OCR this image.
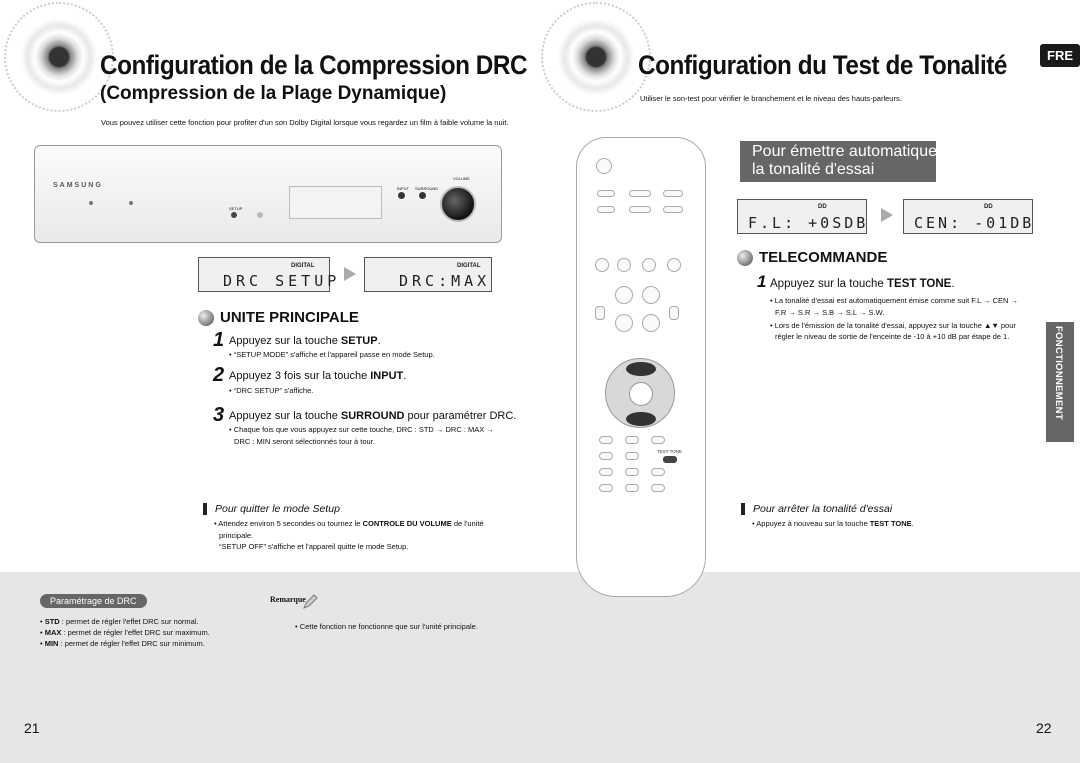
Configuration de la Compression DRC
(Compression de la Plage Dynamique)
Vous pouvez utiliser cette fonction pour profiter d'un son Dolby Digital lorsque vous regardez un film à faible volume la nuit.
SAMSUNG
SETUP
INPUT SURROUND
VOLUME
DIGITAL
DRC SETUP
DIGITAL
DRC:MAX
UNITE PRINCIPALE
1 Appuyez sur la touche SETUP.
• “SETUP MODE” s'affiche et l'appareil passe en mode Setup.
2 Appuyez 3 fois sur la touche INPUT.
• “DRC SETUP” s'affiche.
3 Appuyez sur la touche SURROUND pour paramétrer DRC.
• Chaque fois que vous appuyez sur cette touche, DRC : STD → DRC : MAX →
DRC : MIN seront sélectionnés tour à tour.
Pour quitter le mode Setup
• Attendez environ 5 secondes ou tournez le CONTROLE DU VOLUME de l'unité
principale.
“SETUP OFF” s'affiche et l'appareil quitte le mode Setup.
Paramétrage de DRC
• STD : permet de régler l'effet DRC sur normal.
• MAX : permet de régler l'effet DRC sur maximum.
• MIN : permet de régler l'effet DRC sur minimum.
Remarque
• Cette fonction ne fonctionne que sur l'unité principale.
21
Configuration du Test de Tonalité	FRE
Utiliser le son-test pour vérifier le branchement et le niveau des hauts-parleurs.
TEST TONE
Pour émettre automatiquement
la tonalité d'essai
DD
F.L: +0SDB
DD
CEN: -01DB
TELECOMMANDE
1 Appuyez sur la touche TEST TONE.
• La tonalité d'essai est automatiquement émise comme suit F.L → CEN →
F.R → S.R → S.B → S.L → S.W.
• Lors de l'émission de la tonalité d'essai, appuyez sur la touche ▲▼ pour
régler le niveau de sortie de l'enceinte de -10 à +10 dB par étape de 1.	FONCTIONNEMENT
Pour arrêter la tonalité d'essai
• Appuyez à nouveau sur la touche TEST TONE.
22
